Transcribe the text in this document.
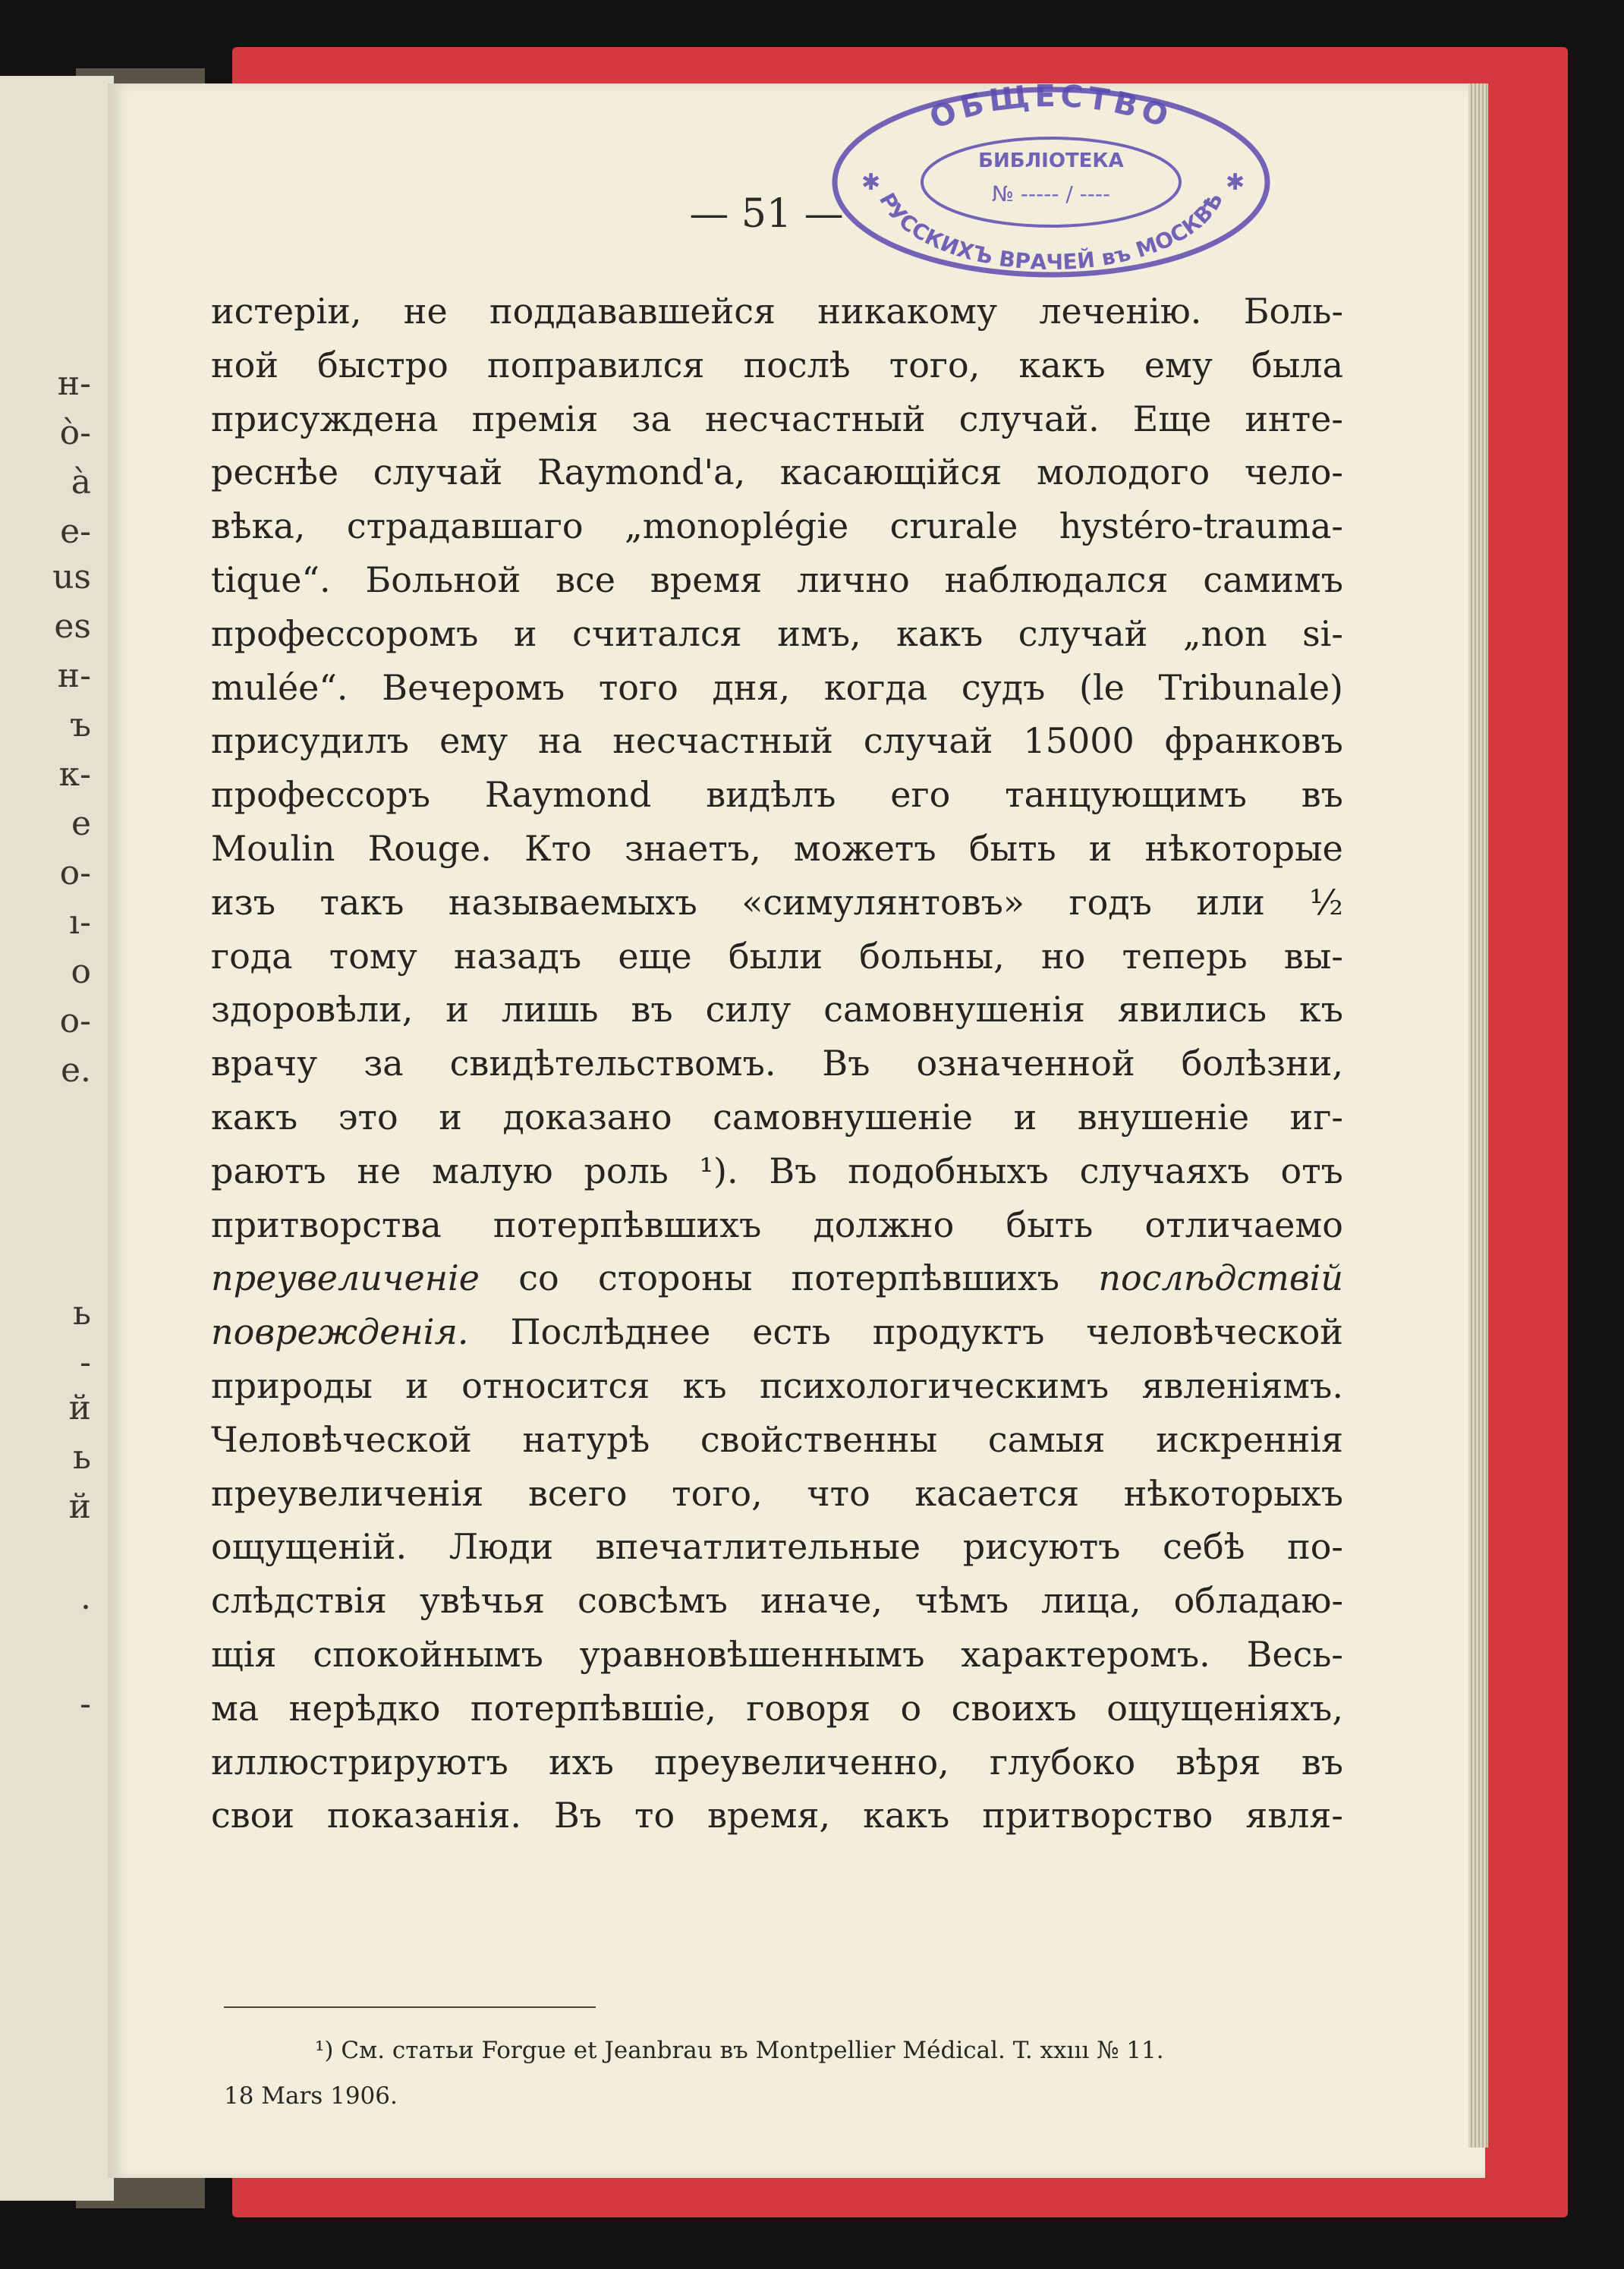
н-
ò-
à
е-
us
es
н-
ъ
к-
е
о-
ı-
о
о-
е.
ь
-
й
ь
й
.
-
— 51 —
ОБЩЕСТВО
БИБЛIОТЕКА
№ ----- / ----
РУССКИХЪ ВРАЧЕЙ въ МОСКВѢ
✱	✱
истерiи, не поддававшейся никакому леченiю. Боль-
ной быстро поправился послѣ того, какъ ему была
присуждена премiя за несчастный случай. Еще инте-
реснѣе случай Raymond'a, касающiйся молодого чело-
вѣка, страдавшаго „monoplégie crurale hystéro-trauma-
tique“. Больной все время лично наблюдался самимъ
профессоромъ и считался имъ, какъ случай „non si-
mulée“. Вечеромъ того дня, когда судъ (le Tribunale)
присудилъ ему на несчастный случай 15000 франковъ
профессоръ Raymond видѣлъ его танцующимъ въ
Moulin Rouge. Кто знаетъ, можетъ быть и нѣкоторые
изъ такъ называемыхъ «симулянтовъ» годъ или ½
года тому назадъ еще были больны, но теперь вы-
здоровѣли, и лишь въ силу самовнушенiя явились къ
врачу за свидѣтельствомъ. Въ означенной болѣзни,
какъ это и доказано самовнушенiе и внушенiе иг-
раютъ не малую роль ¹). Въ подобныхъ случаяхъ отъ
притворства потерпѣвшихъ должно быть отличаемо
преувеличенiе со стороны потерпѣвшихъ послѣдствiй
поврежденiя. Послѣднее есть продуктъ человѣческой
природы и относится къ психологическимъ явленiямъ.
Человѣческой натурѣ свойственны самыя искреннiя
преувеличенiя всего того, что касается нѣкоторыхъ
ощущенiй. Люди впечатлительные рисуютъ себѣ по-
слѣдствiя увѣчья совсѣмъ иначе, чѣмъ лица, обладаю-
щiя спокойнымъ уравновѣшеннымъ характеромъ. Весь-
ма нерѣдко потерпѣвшiе, говоря о своихъ ощущенiяхъ,
иллюстрируютъ ихъ преувеличенно, глубоко вѣря въ
свои показанiя. Въ то время, какъ притворство явля-
¹) См. статьи Forgue et Jeanbrau въ Montpellier Médical. T. xxııı № 11.
18 Mars 1906.
